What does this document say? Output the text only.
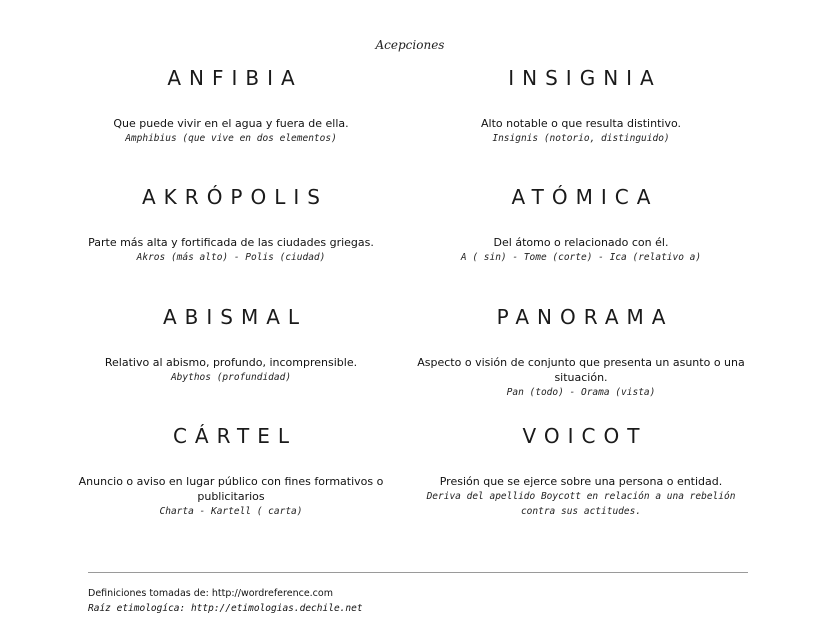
Acepciones
ANFIBIA
Que puede vivir en el agua y fuera de ella.
Amphibius (que vive en dos elementos)
INSIGNIA
Alto notable o que resulta distintivo.
Insignis (notorio, distinguido)
AKRÓPOLIS
Parte más alta y fortificada de las ciudades griegas.
Akros (más alto) - Polis (ciudad)
ATÓMICA
Del átomo o relacionado con él.
A ( sin) - Tome (corte) - Ica (relativo a)
ABISMAL
Relativo al abismo, profundo, incomprensible.
Abythos (profundidad)
PANORAMA
Aspecto o visión de conjunto que presenta un asunto o una situación.
Pan (todo) - Orama (vista)
CÁRTEL
Anuncio o aviso en lugar público con fines formativos o publicitarios
Charta - Kartell ( carta)
VOICOT
Presión que se ejerce sobre una persona o entidad.
Deriva del apellido Boycott en relación a una rebelión contra sus actitudes.
Definiciones tomadas de: http://wordreference.com
Raíz etimologíca: http://etimologias.dechile.net
